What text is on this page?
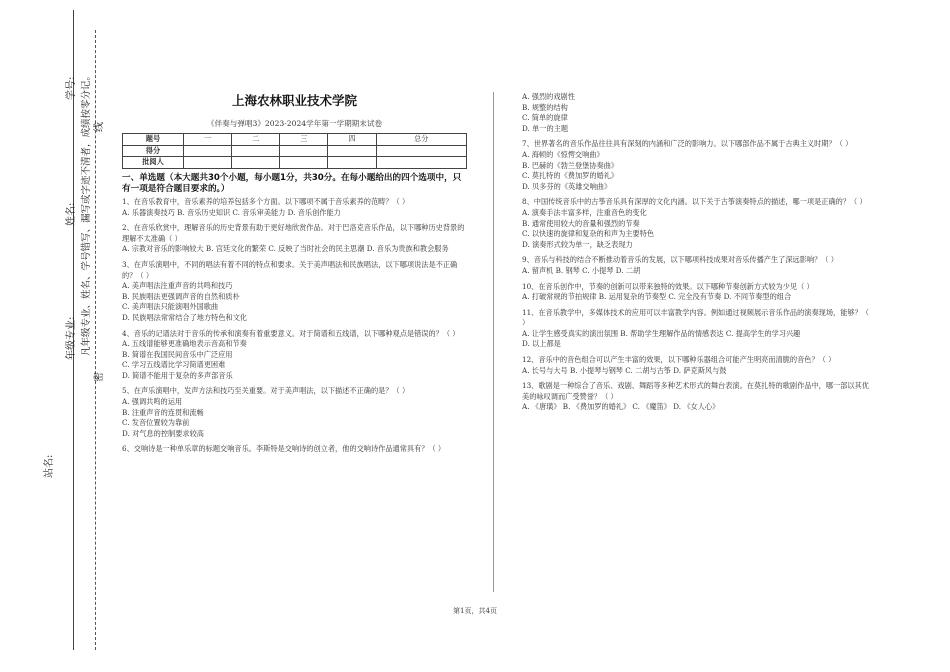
学号:
线
姓名: 凡年级专业、姓名、学号错写、漏写或字迹不清者，成绩按零分记。
年级专业:
密
站名:
上海农林职业技术学院
《伴奏与弹唱3》2023-2024学年第一学期期末试卷
题号	一	二	三	四	总分
得分					
批阅人					
一、单选题（本大题共30个小题，每小题1分，共30分。在每小题给出的四个选项中，只有一项是符合题目要求的。）
1、在音乐教育中，音乐素养的培养包括多个方面。以下哪项不属于音乐素养的范畴？（ ）
A. 乐器演奏技巧 B. 音乐历史知识 C. 音乐审美能力 D. 音乐创作能力
2、在音乐欣赏中，理解音乐的历史背景有助于更好地欣赏作品。对于巴洛克音乐作品，以下哪种历史背景的理解不太准确（ ）
A. 宗教对音乐的影响较大 B. 宫廷文化的繁荣 C. 反映了当时社会的民主思潮 D. 音乐为贵族和教会服务
3、在声乐演唱中，不同的唱法有着不同的特点和要求。关于美声唱法和民族唱法，以下哪项说法是不正确的？（ ）
A. 美声唱法注重声音的共鸣和技巧
B. 民族唱法更强调声音的自然和质朴
C. 美声唱法只能演唱外国歌曲
D. 民族唱法常常结合了地方特色和文化
4、音乐的记谱法对于音乐的传承和演奏有着重要意义。对于简谱和五线谱，以下哪种观点是错误的？（ ）
A. 五线谱能够更准确地表示音高和节奏
B. 简谱在我国民间音乐中广泛应用
C. 学习五线谱比学习简谱更困难
D. 简谱不能用于复杂的多声部音乐
5、在声乐演唱中，发声方法和技巧至关重要。对于美声唱法，以下描述不正确的是？（ ）
A. 强调共鸣的运用
B. 注重声音的连贯和流畅
C. 发音位置较为靠前
D. 对气息的控制要求较高
6、交响诗是一种单乐章的标题交响音乐。李斯特是交响诗的创立者，他的交响诗作品通常具有？（ ）
A. 强烈的戏剧性
B. 规整的结构
C. 简单的旋律
D. 单一的主题
7、世界著名的音乐作品往往具有深刻的内涵和广泛的影响力。以下哪部作品不属于古典主义时期？（ ）
A. 海顿的《惊愕交响曲》
B. 巴赫的《勃兰登堡协奏曲》
C. 莫扎特的《费加罗的婚礼》
D. 贝多芬的《英雄交响曲》
8、中国传统音乐中的古筝音乐具有深厚的文化内涵。以下关于古筝演奏特点的描述，哪一项是正确的？（ ）
A. 演奏手法丰富多样，注重音色的变化
B. 通常使用较大的音量和强烈的节奏
C. 以快速的旋律和复杂的和声为主要特色
D. 演奏形式较为单一，缺乏表现力
9、音乐与科技的结合不断推动着音乐的发展，以下哪项科技成果对音乐传播产生了深远影响？（ ）
A. 留声机 B. 钢琴 C. 小提琴 D. 二胡
10、在音乐创作中，节奏的创新可以带来独特的效果。以下哪种节奏创新方式较为少见（ ）
A. 打破常规的节拍规律 B. 运用复杂的节奏型 C. 完全没有节奏 D. 不同节奏型的组合
11、在音乐教学中，多媒体技术的应用可以丰富教学内容。例如通过视频展示音乐作品的演奏现场，能够？（ ）
A. 让学生感受真实的演出氛围 B. 帮助学生理解作品的情感表达 C. 提高学生的学习兴趣
D. 以上都是
12、音乐中的音色组合可以产生丰富的效果，以下哪种乐器组合可能产生明亮而清脆的音色？（ ）
A. 长号与大号 B. 小提琴与钢琴 C. 二胡与古筝 D. 萨克斯风与鼓
13、歌剧是一种综合了音乐、戏剧、舞蹈等多种艺术形式的舞台表演。在莫扎特的歌剧作品中，哪一部以其优美的咏叹调而广受赞誉？（ ）
A. 《唐璜》 B. 《费加罗的婚礼》 C. 《魔笛》 D. 《女人心》
第1页，共4页
